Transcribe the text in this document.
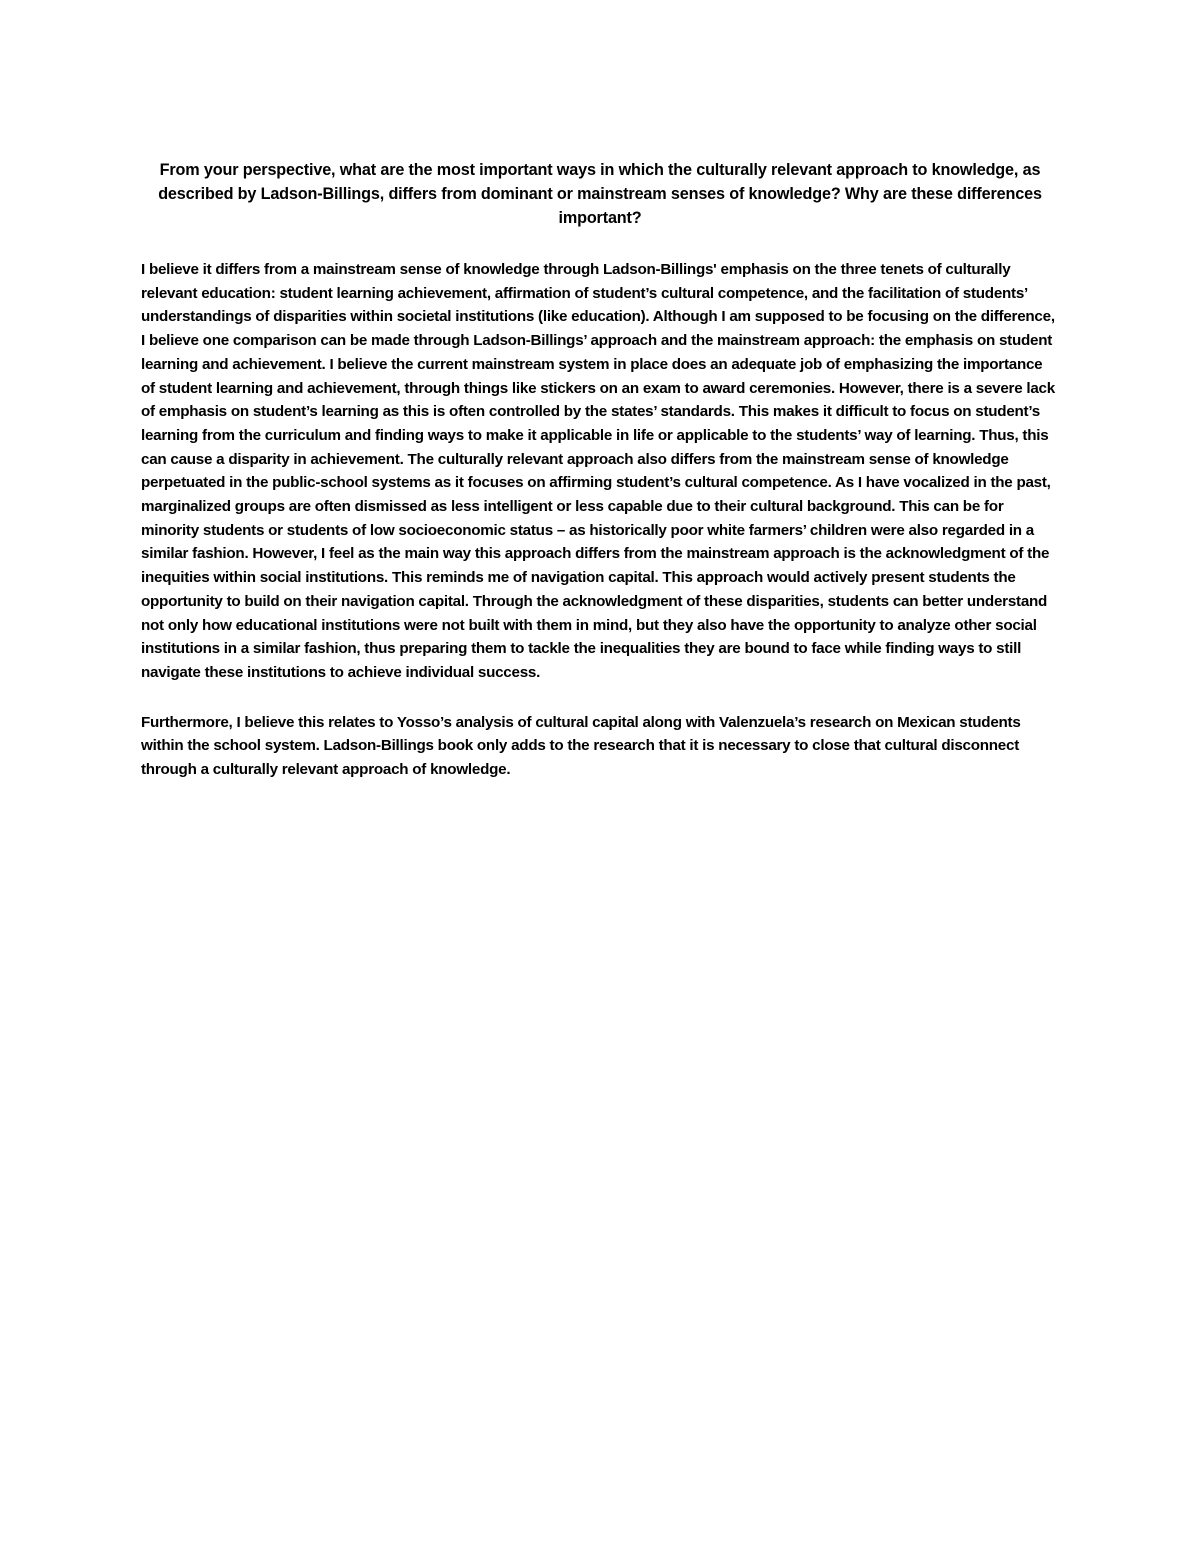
From your perspective, what are the most important ways in which the culturally relevant approach to knowledge, as described by Ladson-Billings, differs from dominant or mainstream senses of knowledge? Why are these differences important?

I believe it differs from a mainstream sense of knowledge through Ladson-Billings' emphasis on the three tenets of culturally relevant education: student learning achievement, affirmation of student’s cultural competence, and the facilitation of students’ understandings of disparities within societal institutions (like education). Although I am supposed to be focusing on the difference, I believe one comparison can be made through Ladson-Billings’ approach and the mainstream approach: the emphasis on student learning and achievement. I believe the current mainstream system in place does an adequate job of emphasizing the importance of student learning and achievement, through things like stickers on an exam to award ceremonies. However, there is a severe lack of emphasis on student’s learning as this is often controlled by the states’ standards. This makes it difficult to focus on student’s learning from the curriculum and finding ways to make it applicable in life or applicable to the students’ way of learning. Thus, this can cause a disparity in achievement. The culturally relevant approach also differs from the mainstream sense of knowledge perpetuated in the public-school systems as it focuses on affirming student’s cultural competence. As I have vocalized in the past, marginalized groups are often dismissed as less intelligent or less capable due to their cultural background. This can be for minority students or students of low socioeconomic status – as historically poor white farmers’ children were also regarded in a similar fashion. However, I feel as the main way this approach differs from the mainstream approach is the acknowledgment of the inequities within social institutions. This reminds me of navigation capital. This approach would actively present students the opportunity to build on their navigation capital. Through the acknowledgment of these disparities, students can better understand not only how educational institutions were not built with them in mind, but they also have the opportunity to analyze other social institutions in a similar fashion, thus preparing them to tackle the inequalities they are bound to face while finding ways to still navigate these institutions to achieve individual success.

Furthermore, I believe this relates to Yosso’s analysis of cultural capital along with Valenzuela’s research on Mexican students within the school system. Ladson-Billings book only adds to the research that it is necessary to close that cultural disconnect through a culturally relevant approach of knowledge.
